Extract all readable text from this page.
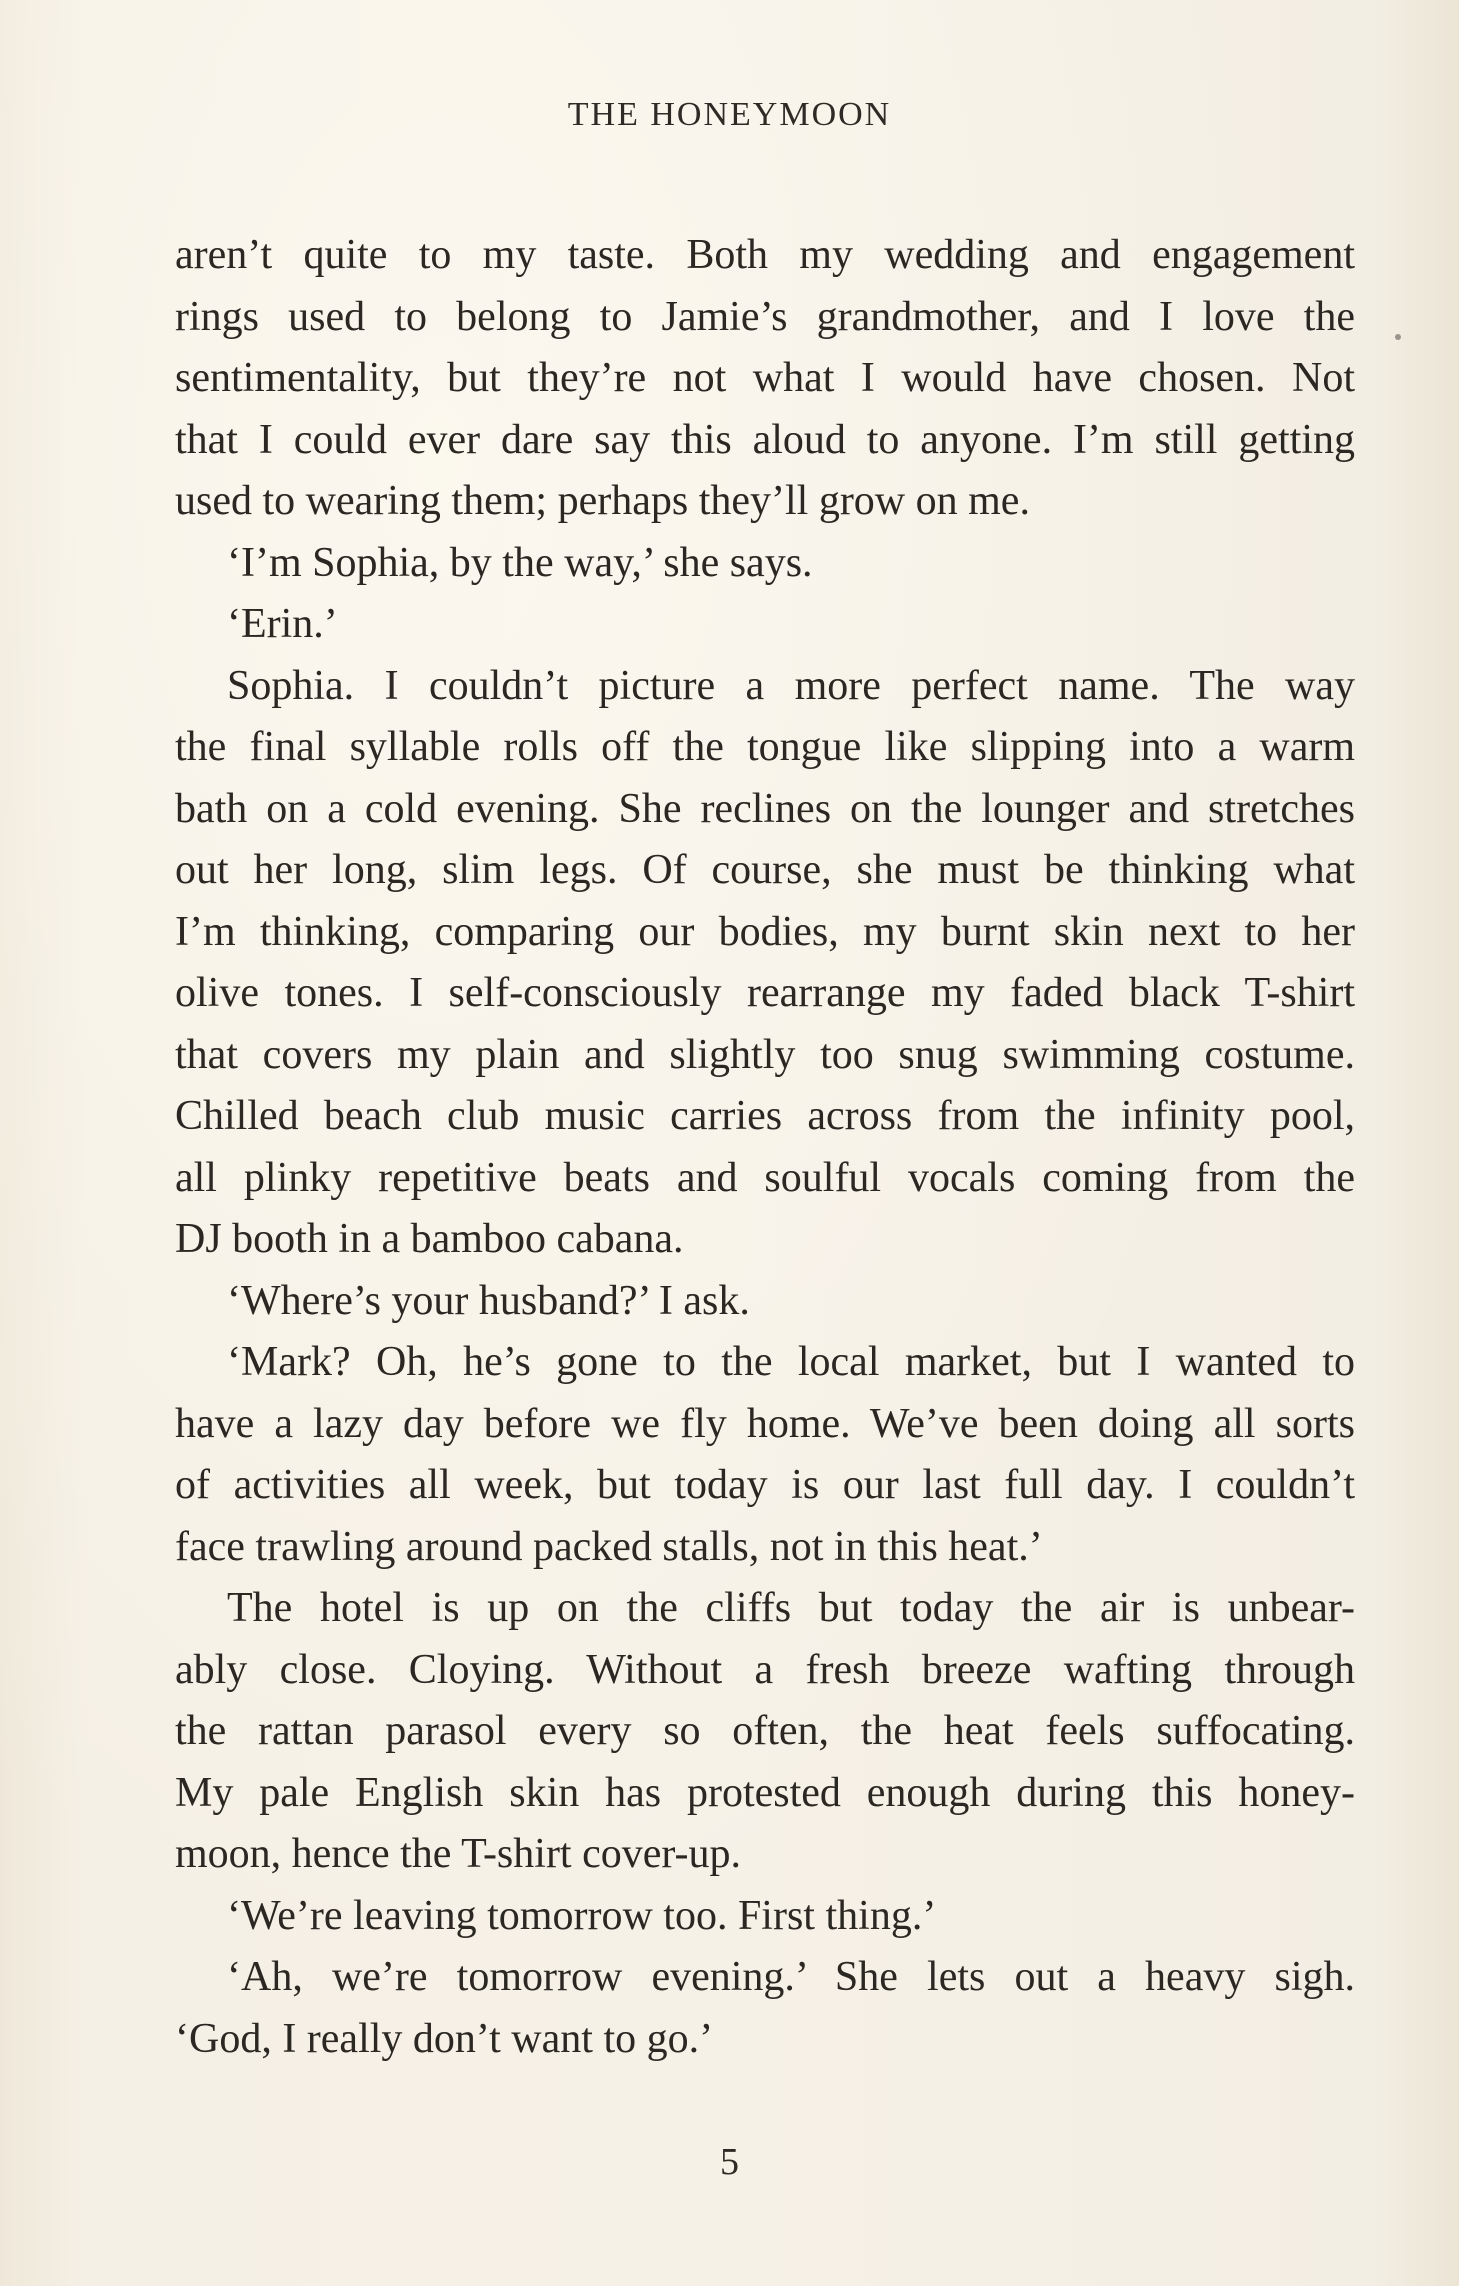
THE HONEYMOON
aren’t quite to my taste. Both my wedding and engagement
rings used to belong to Jamie’s grandmother, and I love the
sentimentality, but they’re not what I would have chosen. Not
that I could ever dare say this aloud to anyone. I’m still getting
used to wearing them; perhaps they’ll grow on me.
‘I’m Sophia, by the way,’ she says.
‘Erin.’
Sophia. I couldn’t picture a more perfect name. The way
the final syllable rolls off the tongue like slipping into a warm
bath on a cold evening. She reclines on the lounger and stretches
out her long, slim legs. Of course, she must be thinking what
I’m thinking, comparing our bodies, my burnt skin next to her
olive tones. I self-consciously rearrange my faded black T-shirt
that covers my plain and slightly too snug swimming costume.
Chilled beach club music carries across from the infinity pool,
all plinky repetitive beats and soulful vocals coming from the
DJ booth in a bamboo cabana.
‘Where’s your husband?’ I ask.
‘Mark? Oh, he’s gone to the local market, but I wanted to
have a lazy day before we fly home. We’ve been doing all sorts
of activities all week, but today is our last full day. I couldn’t
face trawling around packed stalls, not in this heat.’
The hotel is up on the cliffs but today the air is unbear-
ably close. Cloying. Without a fresh breeze wafting through
the rattan parasol every so often, the heat feels suffocating.
My pale English skin has protested enough during this honey-
moon, hence the T-shirt cover-up.
‘We’re leaving tomorrow too. First thing.’
‘Ah, we’re tomorrow evening.’ She lets out a heavy sigh.
‘God, I really don’t want to go.’
5
